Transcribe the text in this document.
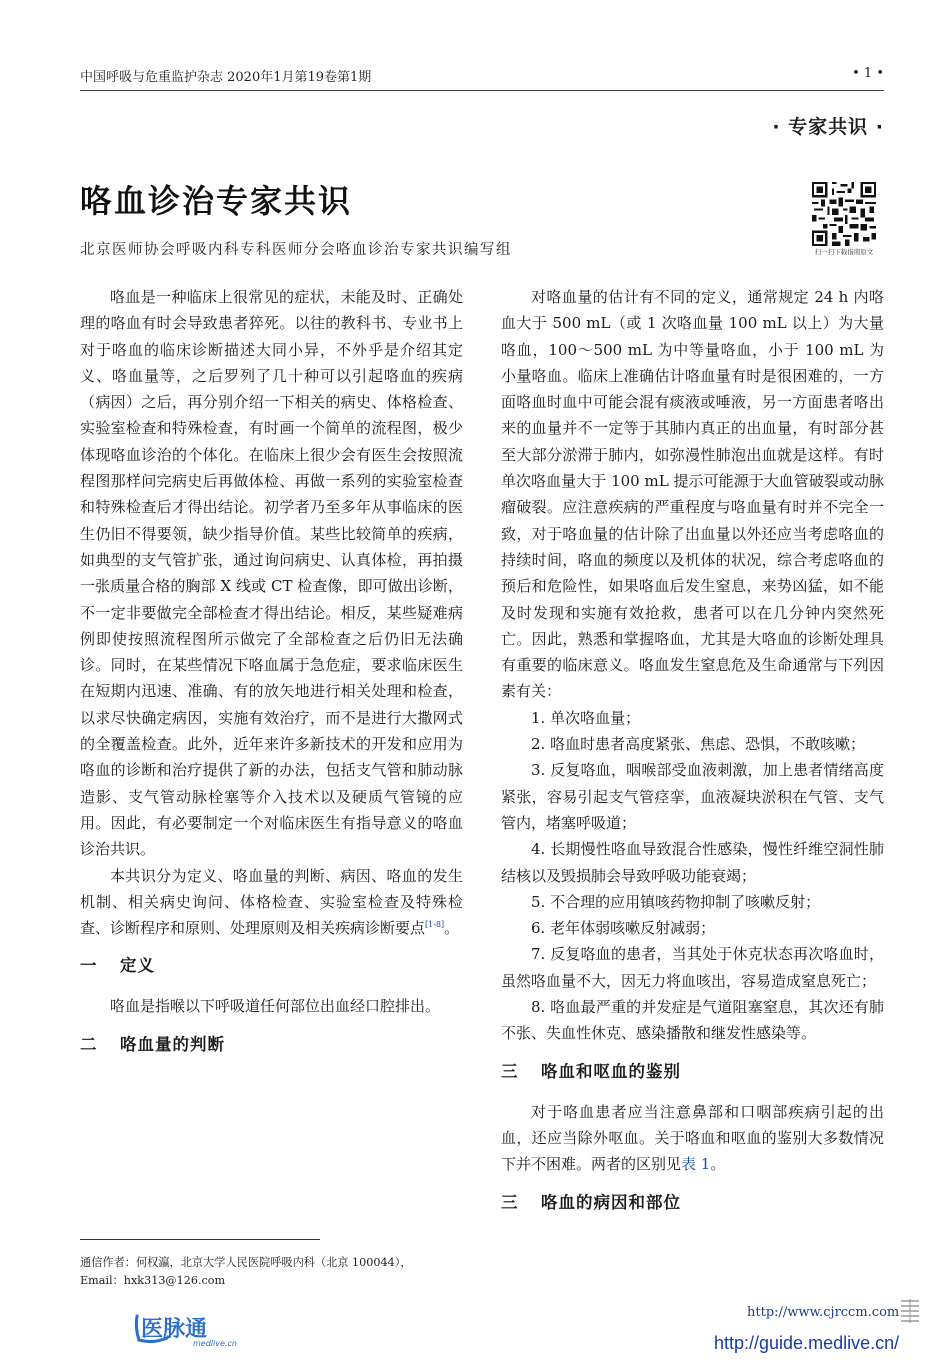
中国呼吸与危重监护杂志 2020年1月第19卷第1期	• 1 •
· 专家共识 ·
咯血诊治专家共识
北京医师协会呼吸内科专科医师分会咯血诊治专家共识编写组	扫一扫下载指南原文

咯血是一种临床上很常见的症状，未能及时、正确处理的咯血有时会导致患者猝死。以往的教科书、专业书上对于咯血的临床诊断描述大同小异，不外乎是介绍其定义、咯血量等，之后罗列了几十种可以引起咯血的疾病（病因）之后，再分别介绍一下相关的病史、体格检查、实验室检查和特殊检查，有时画一个简单的流程图，极少体现咯血诊治的个体化。在临床上很少会有医生会按照流程图那样问完病史后再做体检、再做一系列的实验室检查和特殊检查后才得出结论。初学者乃至多年从事临床的医生仍旧不得要领，缺少指导价值。某些比较简单的疾病，如典型的支气管扩张，通过询问病史、认真体检，再拍摄一张质量合格的胸部 X 线或 CT 检查像，即可做出诊断，不一定非要做完全部检查才得出结论。相反，某些疑难病例即使按照流程图所示做完了全部检查之后仍旧无法确诊。同时，在某些情况下咯血属于急危症，要求临床医生在短期内迅速、准确、有的放矢地进行相关处理和检查，以求尽快确定病因，实施有效治疗，而不是进行大撒网式的全覆盖检查。此外，近年来许多新技术的开发和应用为咯血的诊断和治疗提供了新的办法，包括支气管和肺动脉造影、支气管动脉栓塞等介入技术以及硬质气管镜的应用。因此，有必要制定一个对临床医生有指导意义的咯血诊治共识。

本共识分为定义、咯血量的判断、病因、咯血的发生机制、相关病史询问、体格检查、实验室检查及特殊检查、诊断程序和原则、处理原则及相关疾病诊断要点[1-8]。

一 定义

咯血是指喉以下呼吸道任何部位出血经口腔排出。

二 咯血量的判断

对咯血量的估计有不同的定义，通常规定 24 h 内咯血大于 500 mL（或 1 次咯血量 100 mL 以上）为大量咯血，100～500 mL 为中等量咯血，小于 100 mL 为小量咯血。临床上准确估计咯血量有时是很困难的，一方面咯血时血中可能会混有痰液或唾液，另一方面患者咯出来的血量并不一定等于其肺内真正的出血量，有时部分甚至大部分淤滞于肺内，如弥漫性肺泡出血就是这样。有时单次咯血量大于 100 mL 提示可能源于大血管破裂或动脉瘤破裂。应注意疾病的严重程度与咯血量有时并不完全一致，对于咯血量的估计除了出血量以外还应当考虑咯血的持续时间，咯血的频度以及机体的状况，综合考虑咯血的预后和危险性，如果咯血后发生窒息，来势凶猛，如不能及时发现和实施有效抢救，患者可以在几分钟内突然死亡。因此，熟悉和掌握咯血，尤其是大咯血的诊断处理具有重要的临床意义。咯血发生窒息危及生命通常与下列因素有关：

1. 单次咯血量；

2. 咯血时患者高度紧张、焦虑、恐惧，不敢咳嗽；

3. 反复咯血，咽喉部受血液刺激，加上患者情绪高度紧张，容易引起支气管痉挛，血液凝块淤积在气管、支气管内，堵塞呼吸道；

4. 长期慢性咯血导致混合性感染，慢性纤维空洞性肺结核以及毁损肺会导致呼吸功能衰竭；

5. 不合理的应用镇咳药物抑制了咳嗽反射；

6. 老年体弱咳嗽反射减弱；

7. 反复咯血的患者，当其处于休克状态再次咯血时，虽然咯血量不大，因无力将血咳出，容易造成窒息死亡；

8. 咯血最严重的并发症是气道阻塞窒息，其次还有肺不张、失血性休克、感染播散和继发性感染等。

三 咯血和呕血的鉴别

对于咯血患者应当注意鼻部和口咽部疾病引起的出血，还应当除外呕血。关于咯血和呕血的鉴别大多数情况下并不困难。两者的区别见表 1。

三 咯血的病因和部位
通信作者：何权瀛，北京大学人民医院呼吸内科（北京 100044），
Email：hxk313@126.com
医脉通
medlive.cn
http://www.cjrccm.com
http://guide.medlive.cn/
